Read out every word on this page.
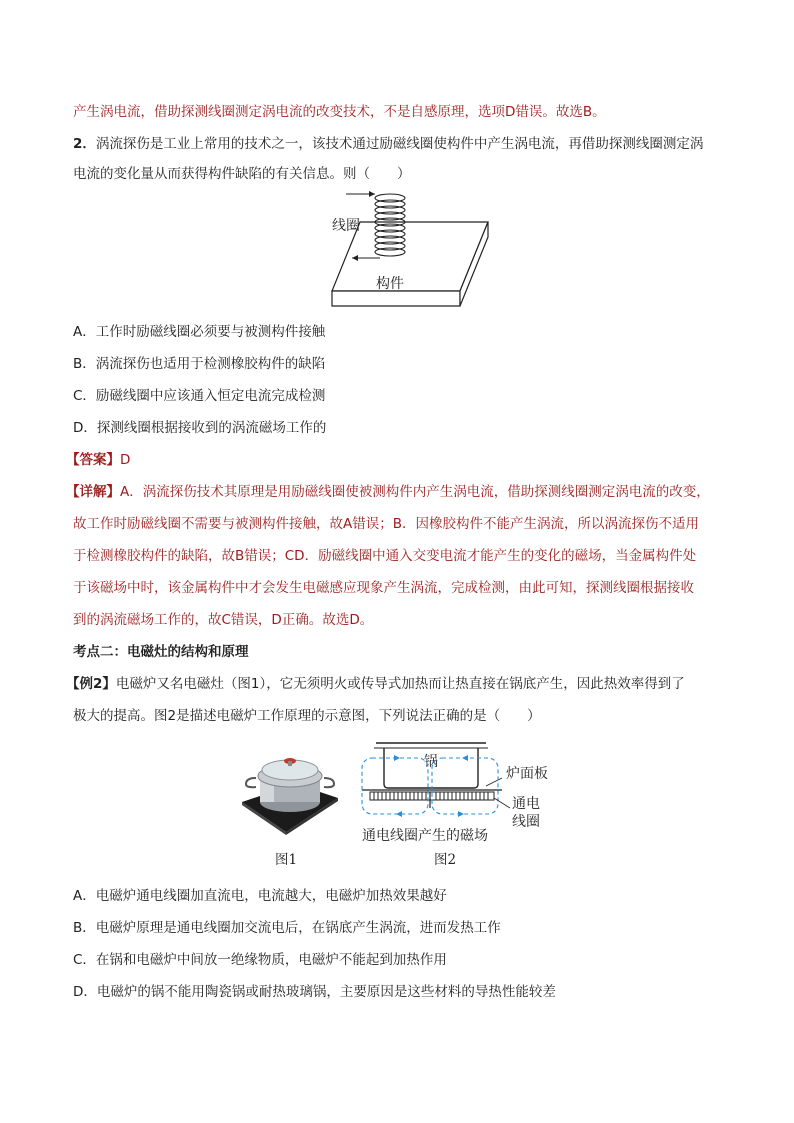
产生涡电流，借助探测线圈测定涡电流的改变技术，不是自感原理，选项D错误。故选B。
2．涡流探伤是工业上常用的技术之一，该技术通过励磁线圈使构件中产生涡电流，再借助探测线圈测定涡
电流的变化量从而获得构件缺陷的有关信息。则（　　）
线圈
构件
A．工作时励磁线圈必须要与被测构件接触
B．涡流探伤也适用于检测橡胶构件的缺陷
C．励磁线圈中应该通入恒定电流完成检测
D．探测线圈根据接收到的涡流磁场工作的
【答案】D
【详解】A．涡流探伤技术其原理是用励磁线圈使被测构件内产生涡电流，借助探测线圈测定涡电流的改变，
故工作时励磁线圈不需要与被测构件接触，故A错误；B．因橡胶构件不能产生涡流，所以涡流探伤不适用
于检测橡胶构件的缺陷，故B错误；CD．励磁线圈中通入交变电流才能产生的变化的磁场，当金属构件处
于该磁场中时，该金属构件中才会发生电磁感应现象产生涡流，完成检测，由此可知，探测线圈根据接收
到的涡流磁场工作的，故C错误，D正确。故选D。
考点二：电磁灶的结构和原理
【例2】电磁炉又名电磁灶（图1），它无须明火或传导式加热而让热直接在锅底产生，因此热效率得到了
极大的提高。图2是描述电磁炉工作原理的示意图，下列说法正确的是（　　）
锅
炉面板
通电
线圈
通电线圈产生的磁场
图1	图2
A．电磁炉通电线圈加直流电，电流越大，电磁炉加热效果越好
B．电磁炉原理是通电线圈加交流电后，在锅底产生涡流，进而发热工作
C．在锅和电磁炉中间放一绝缘物质，电磁炉不能起到加热作用
D．电磁炉的锅不能用陶瓷锅或耐热玻璃锅，主要原因是这些材料的导热性能较差
